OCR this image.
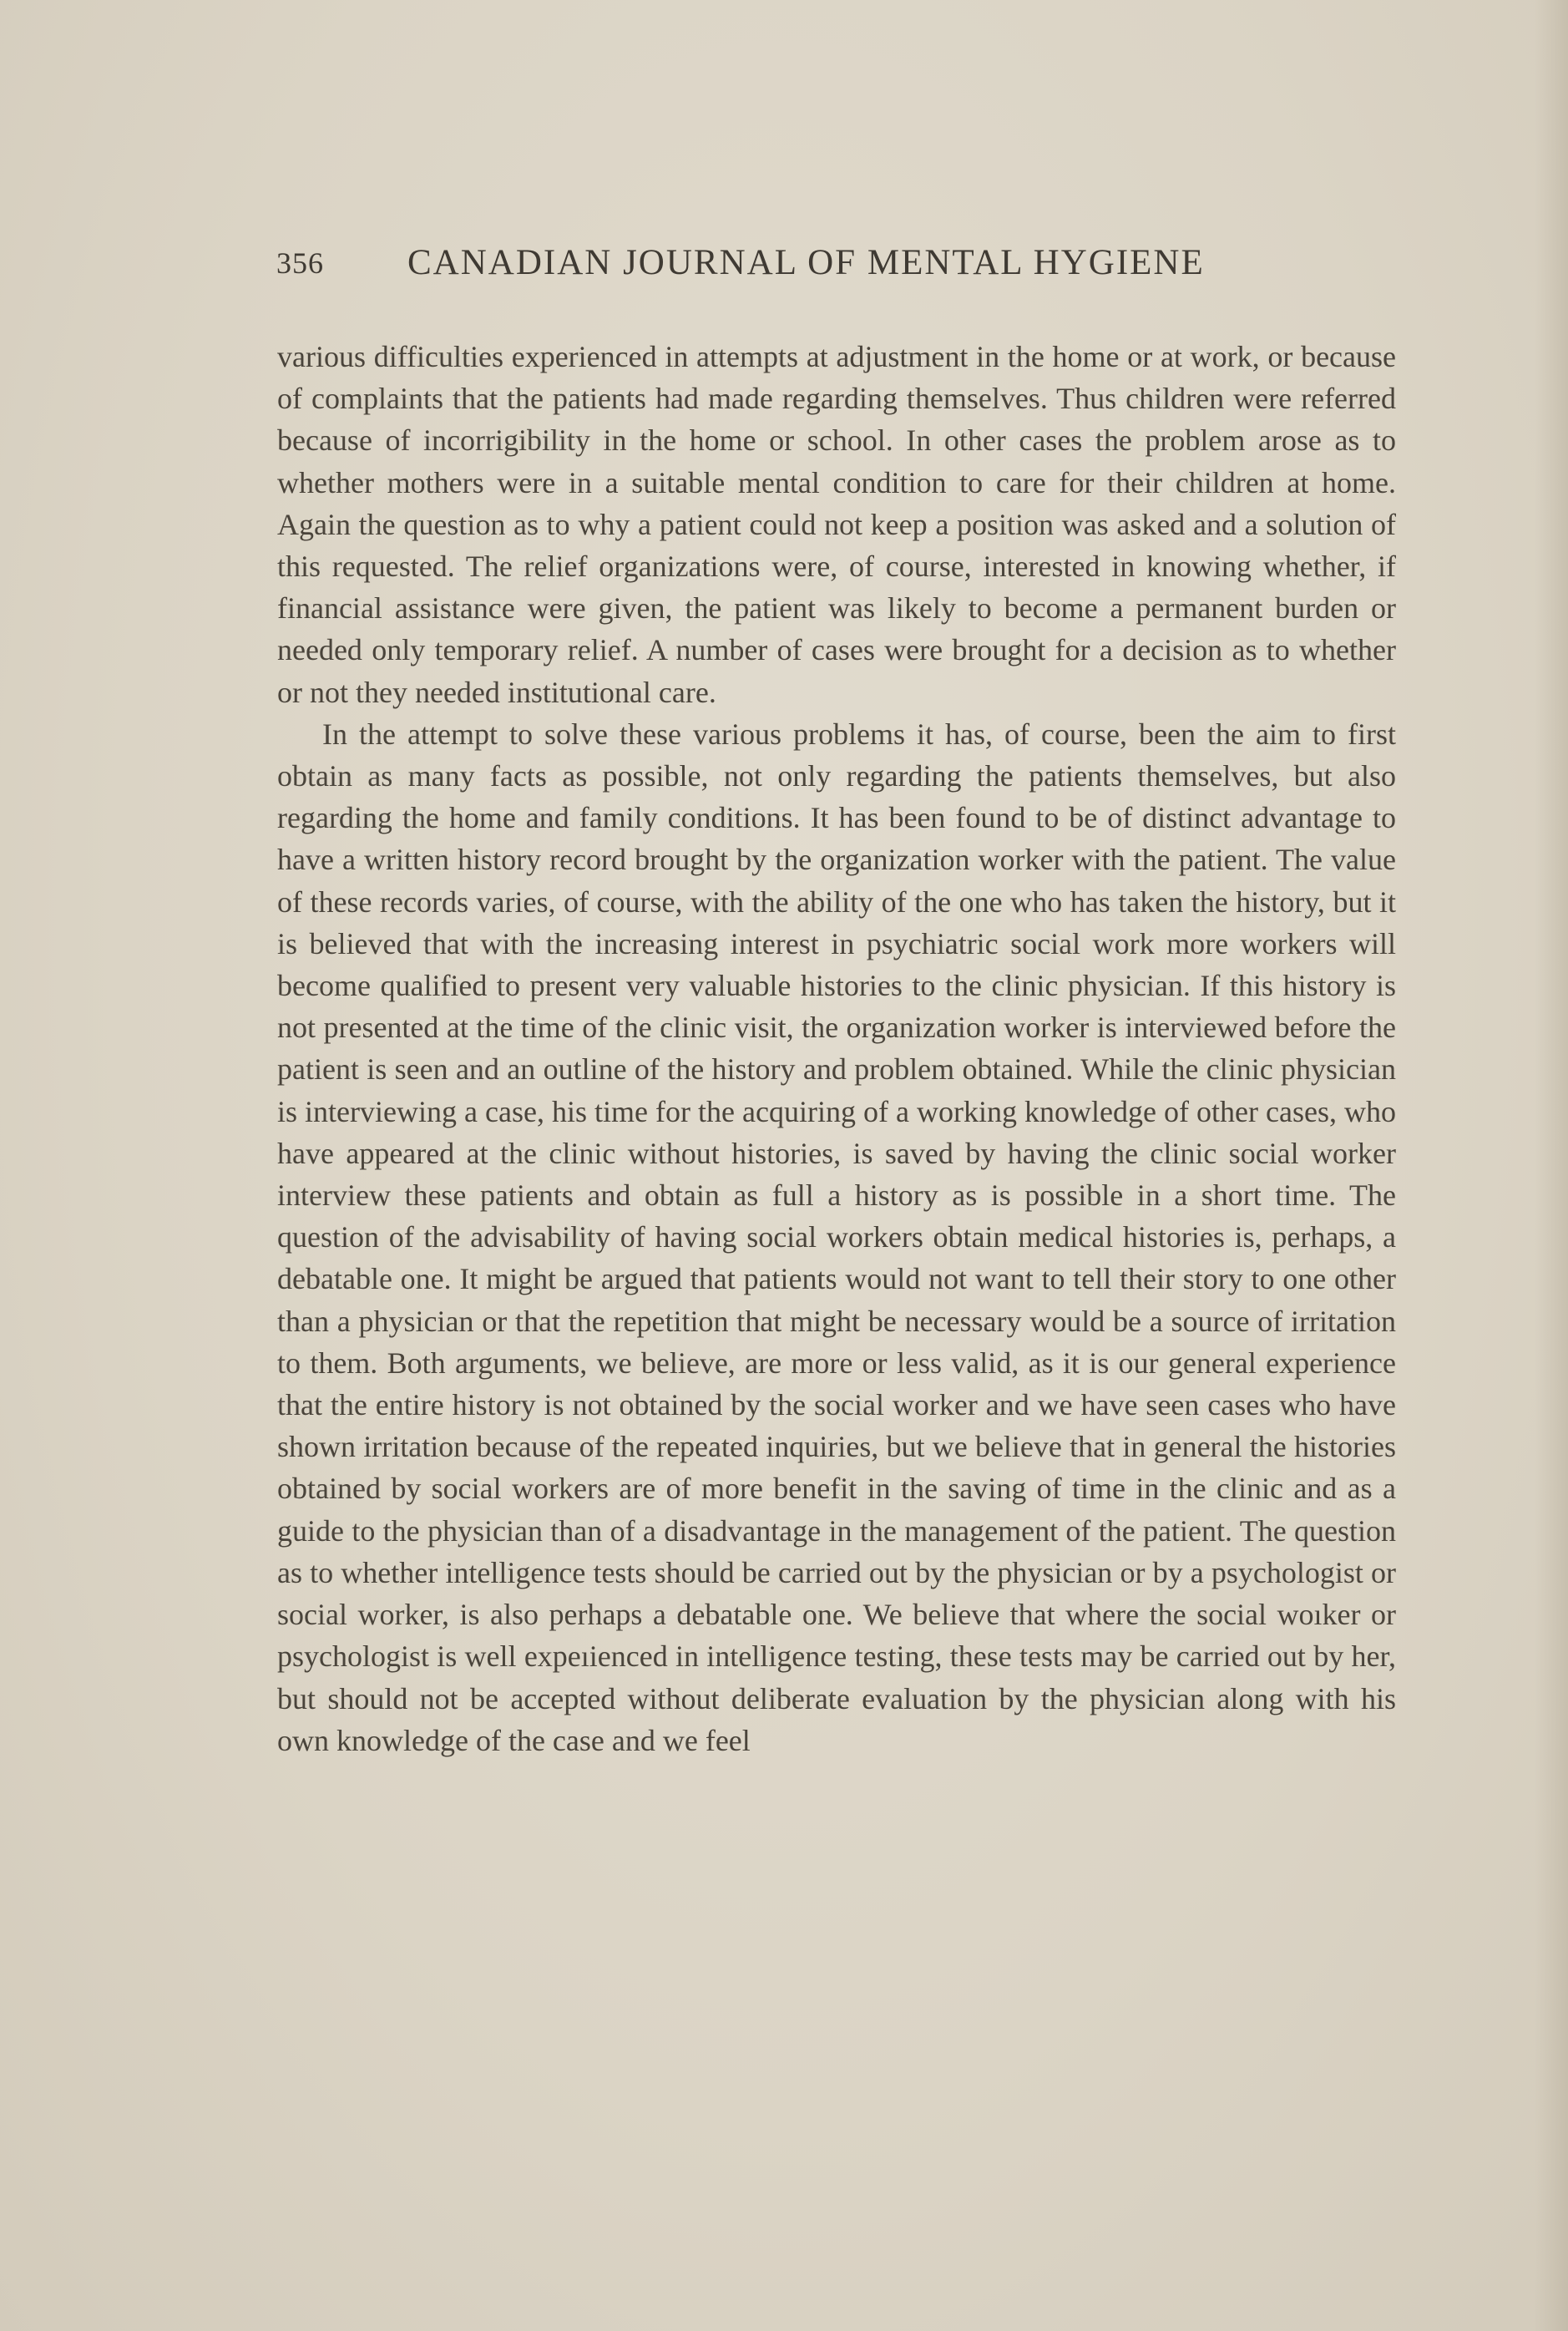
356 CANADIAN JOURNAL OF MENTAL HYGIENE

various difficulties experienced in attempts at adjustment in the home or at work, or because of complaints that the patients had made regarding themselves. Thus children were referred because of incorrigibility in the home or school. In other cases the problem arose as to whether mothers were in a suitable mental condition to care for their children at home. Again the question as to why a patient could not keep a position was asked and a solution of this requested. The relief organizations were, of course, interested in knowing whether, if financial assistance were given, the patient was likely to become a permanent burden or needed only temporary relief. A number of cases were brought for a decision as to whether or not they needed institutional care.

In the attempt to solve these various problems it has, of course, been the aim to first obtain as many facts as possible, not only regarding the patients themselves, but also regarding the home and family conditions. It has been found to be of distinct advantage to have a written history record brought by the organization worker with the patient. The value of these records varies, of course, with the ability of the one who has taken the history, but it is believed that with the increasing interest in psychiatric social work more workers will become qualified to present very valuable histories to the clinic physician. If this history is not presented at the time of the clinic visit, the organization worker is interviewed before the patient is seen and an outline of the history and problem obtained. While the clinic physician is interviewing a case, his time for the acquiring of a working knowledge of other cases, who have appeared at the clinic without histories, is saved by having the clinic social worker interview these patients and obtain as full a history as is possible in a short time. The question of the advisability of having social workers obtain medical histories is, perhaps, a debatable one. It might be argued that patients would not want to tell their story to one other than a physician or that the repetition that might be necessary would be a source of irritation to them. Both arguments, we believe, are more or less valid, as it is our general experience that the entire history is not obtained by the social worker and we have seen cases who have shown irritation because of the repeated inquiries, but we believe that in general the histories obtained by social workers are of more benefit in the saving of time in the clinic and as a guide to the physician than of a disadvantage in the management of the patient. The question as to whether intelligence tests should be carried out by the physician or by a psychologist or social worker, is also perhaps a debatable one. We believe that where the social woıker or psychologist is well expeıienced in intelligence testing, these tests may be carried out by her, but should not be accepted without deliberate evaluation by the physician along with his own knowledge of the case and we feel
